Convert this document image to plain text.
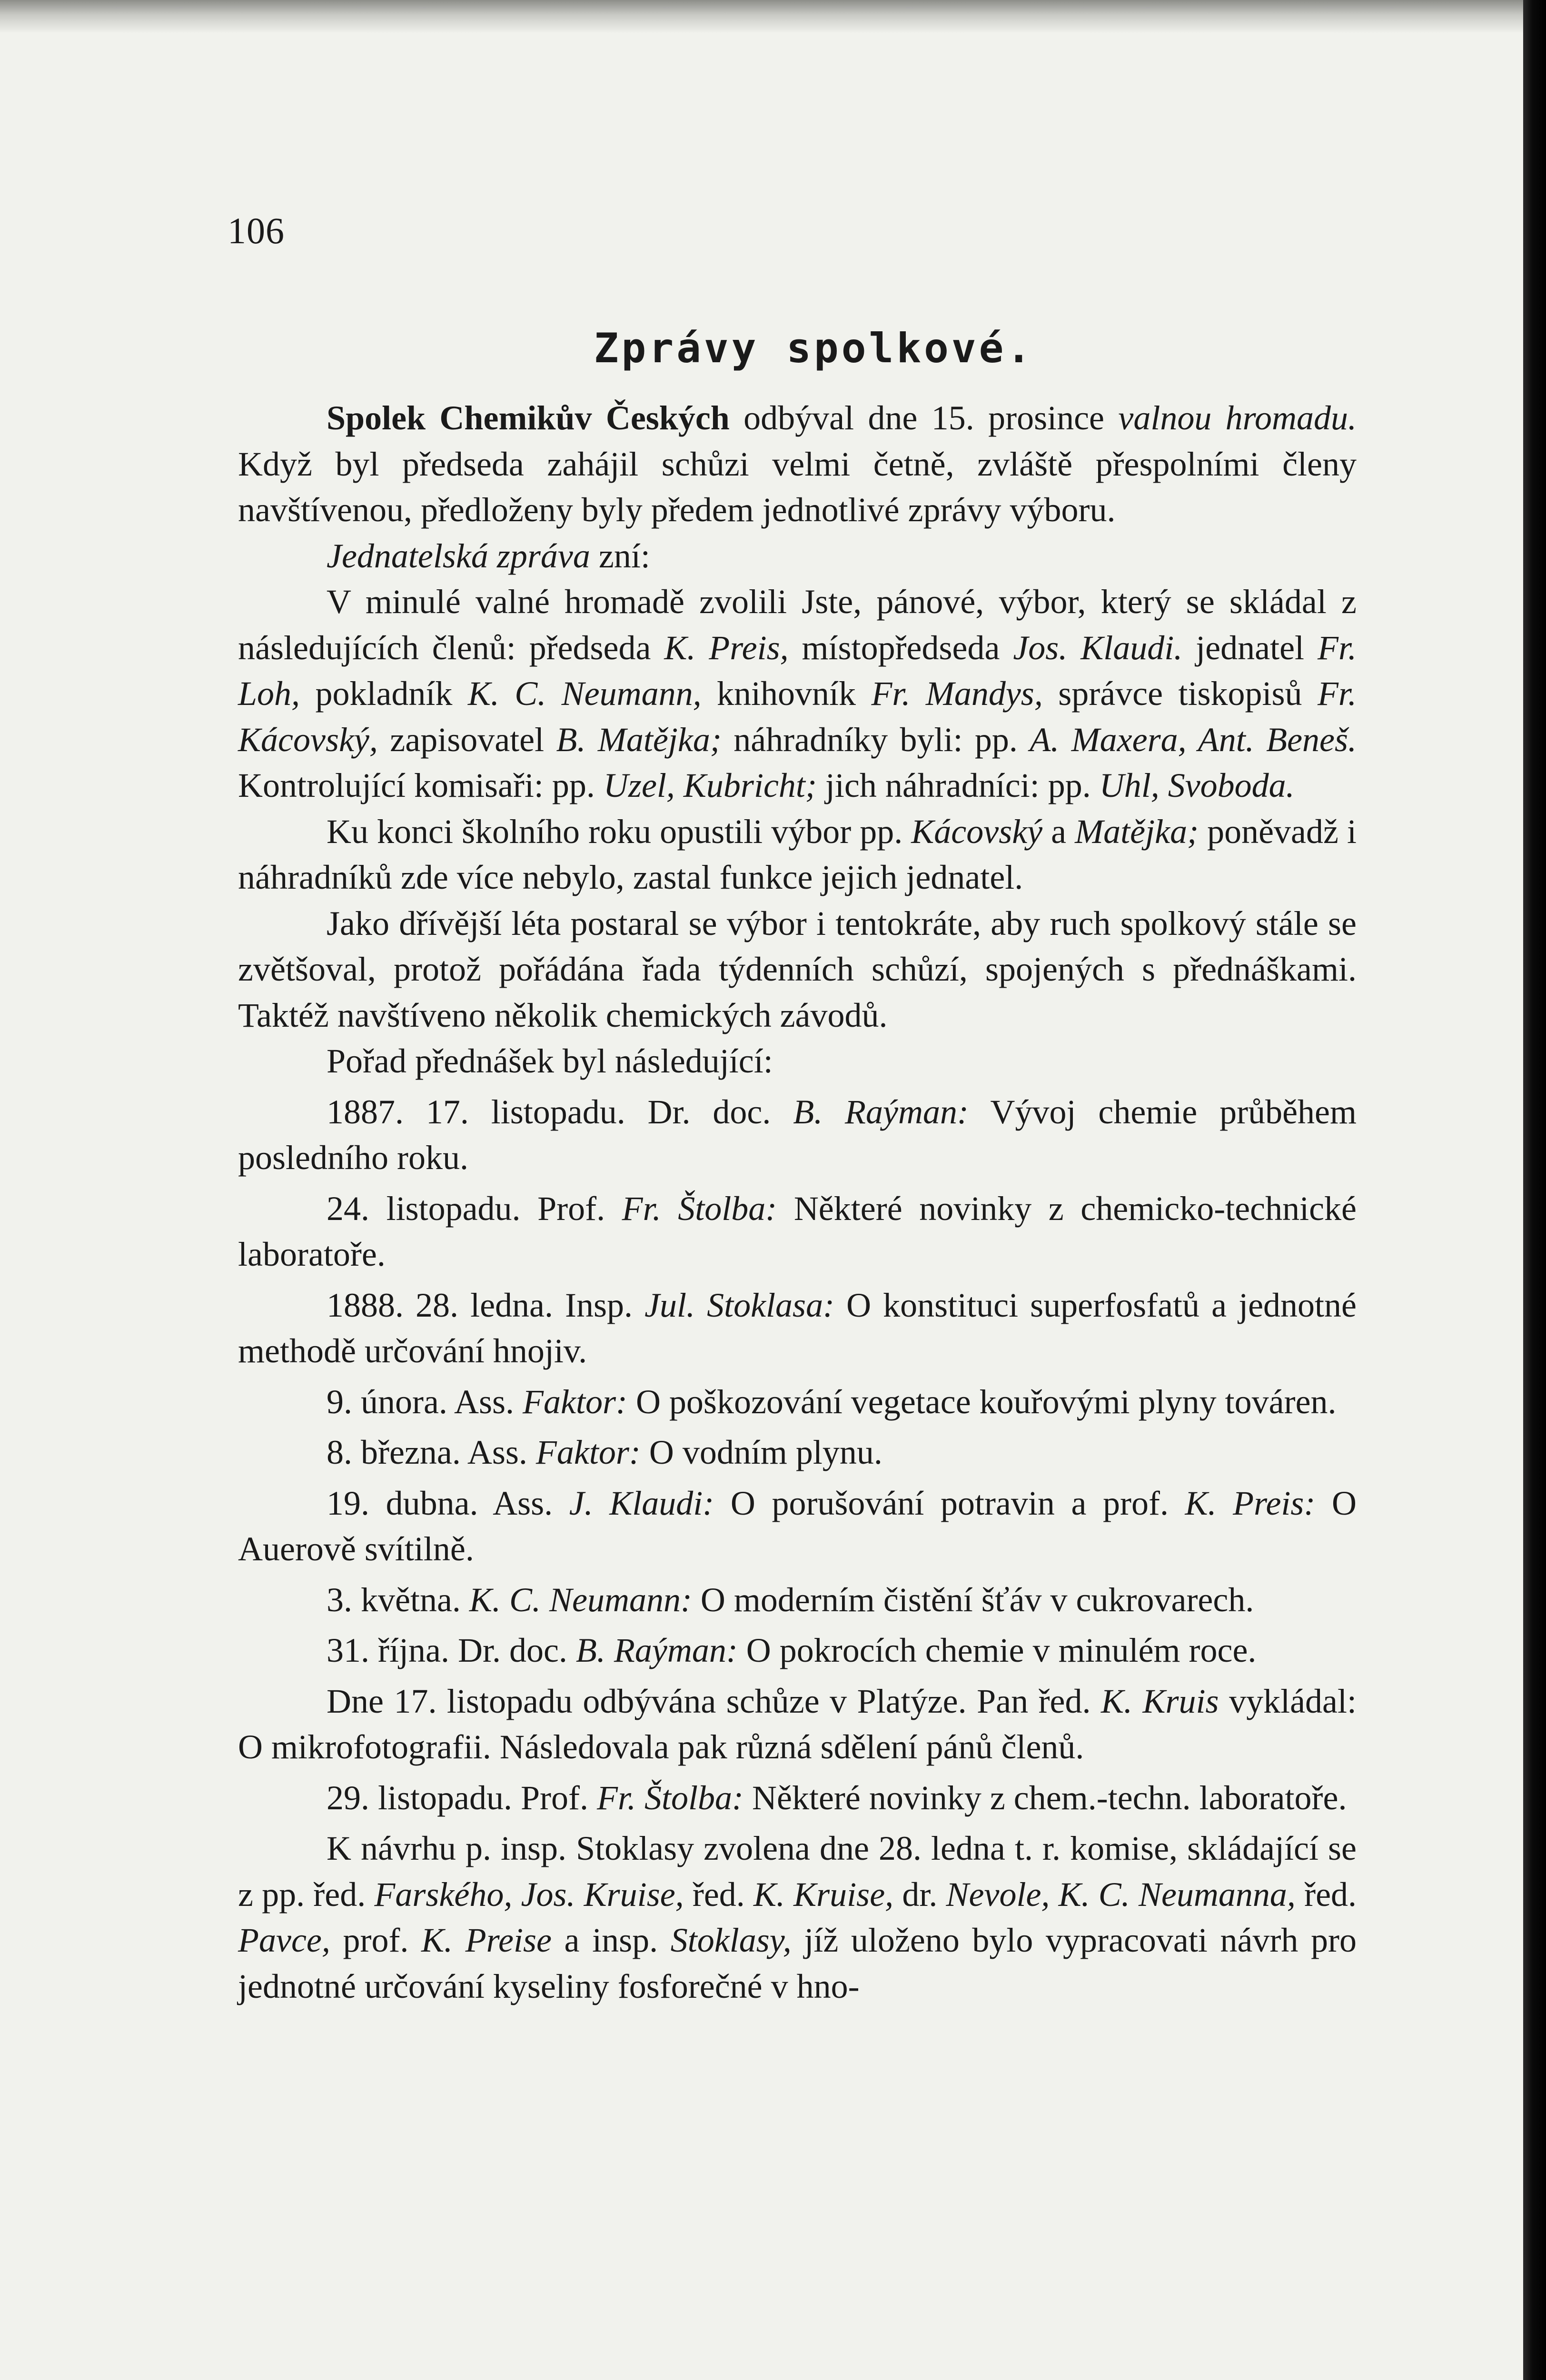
106
Zprávy spolkové.

Spolek Chemikův Českých odbýval dne 15. prosince valnou hromadu. Když byl předseda zahájil schůzi velmi četně, zvláště přespolními členy navštívenou, předloženy byly předem jednotlivé zprávy výboru.

Jednatelská zpráva zní:

V minulé valné hromadě zvolili Jste, pánové, výbor, který se skládal z následujících členů: předseda K. Preis, místopředseda Jos. Klaudi. jednatel Fr. Loh, pokladník K. C. Neumann, knihovník Fr. Mandys, správce tiskopisů Fr. Kácovský, zapisovatel B. Matějka; náhradníky byli: pp. A. Maxera, Ant. Beneš. Kontrolující komisaři: pp. Uzel, Kubricht; jich náhradníci: pp. Uhl, Svoboda.

Ku konci školního roku opustili výbor pp. Kácovský a Matějka; poněvadž i náhradníků zde více nebylo, zastal funkce jejich jednatel.

Jako dřívější léta postaral se výbor i tentokráte, aby ruch spolkový stále se zvětšoval, protož pořádána řada týdenních schůzí, spojených s přednáškami. Taktéž navštíveno několik chemických závodů.

Pořad přednášek byl následující:

1887. 17. listopadu. Dr. doc. B. Raýman: Vývoj chemie průběhem posledního roku.

24. listopadu. Prof. Fr. Štolba: Některé novinky z chemicko-technické laboratoře.

1888. 28. ledna. Insp. Jul. Stoklasa: O konstituci superfosfatů a jednotné methodě určování hnojiv.

9. února. Ass. Faktor: O poškozování vegetace kouřovými plyny továren.

8. března. Ass. Faktor: O vodním plynu.

19. dubna. Ass. J. Klaudi: O porušování potravin a prof. K. Preis: O Auerově svítilně.

3. května. K. C. Neumann: O moderním čistění šťáv v cukrovarech.

31. října. Dr. doc. B. Raýman: O pokrocích chemie v minulém roce.

Dne 17. listopadu odbývána schůze v Platýze. Pan řed. K. Kruis vykládal: O mikrofotografii. Následovala pak různá sdělení pánů členů.

29. listopadu. Prof. Fr. Štolba: Některé novinky z chem.-techn. laboratoře.

K návrhu p. insp. Stoklasy zvolena dne 28. ledna t. r. komise, skládající se z pp. řed. Farského, Jos. Kruise, řed. K. Kruise, dr. Nevole, K. C. Neumanna, řed. Pavce, prof. K. Preise a insp. Stoklasy, jíž uloženo bylo vypracovati návrh pro jednotné určování kyseliny fosforečné v hno-
